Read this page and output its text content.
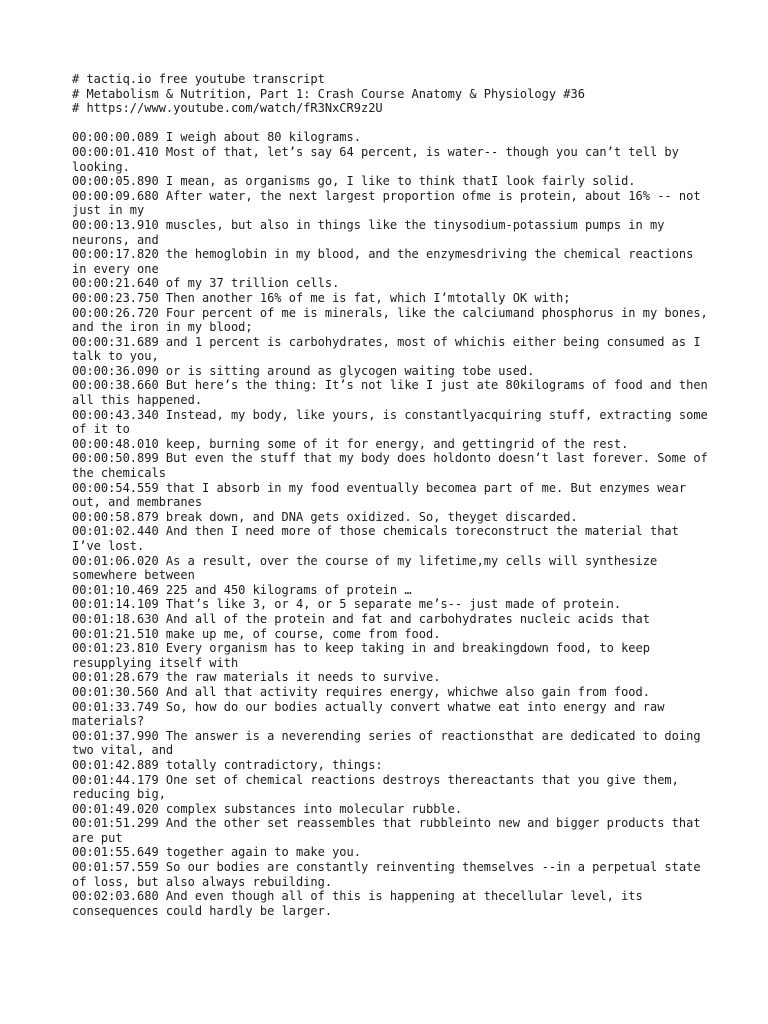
# tactiq.io free youtube transcript

# Metabolism & Nutrition, Part 1: Crash Course Anatomy & Physiology #36

# https://www.youtube.com/watch/fR3NxCR9z2U

00:00:00.089 I weigh about 80 kilograms.

00:00:01.410 Most of that, let’s say 64 percent, is water-- though you can’t tell by looking.

00:00:05.890 I mean, as organisms go, I like to think thatI look fairly solid.

00:00:09.680 After water, the next largest proportion ofme is protein, about 16% -- not just in my

00:00:13.910 muscles, but also in things like the tinysodium-potassium pumps in my neurons, and

00:00:17.820 the hemoglobin in my blood, and the enzymesdriving the chemical reactions in every one

00:00:21.640 of my 37 trillion cells.

00:00:23.750 Then another 16% of me is fat, which I’mtotally OK with;

00:00:26.720 Four percent of me is minerals, like the calciumand phosphorus in my bones, and the iron in my blood;

00:00:31.689 and 1 percent is carbohydrates, most of whichis either being consumed as I talk to you,

00:00:36.090 or is sitting around as glycogen waiting tobe used.

00:00:38.660 But here’s the thing: It’s not like I just ate 80kilograms of food and then all this happened.

00:00:43.340 Instead, my body, like yours, is constantlyacquiring stuff, extracting some of it to

00:00:48.010 keep, burning some of it for energy, and gettingrid of the rest.

00:00:50.899 But even the stuff that my body does holdonto doesn’t last forever. Some of the chemicals

00:00:54.559 that I absorb in my food eventually becomea part of me. But enzymes wear out, and membranes

00:00:58.879 break down, and DNA gets oxidized. So, theyget discarded.

00:01:02.440 And then I need more of those chemicals toreconstruct the material that I’ve lost.

00:01:06.020 As a result, over the course of my lifetime,my cells will synthesize somewhere between

00:01:10.469 225 and 450 kilograms of protein …

00:01:14.109 That’s like 3, or 4, or 5 separate me’s-- just made of protein.

00:01:18.630 And all of the protein and fat and carbohydrates nucleic acids that

00:01:21.510 make up me, of course, come from food.

00:01:23.810 Every organism has to keep taking in and breakingdown food, to keep resupplying itself with

00:01:28.679 the raw materials it needs to survive.

00:01:30.560 And all that activity requires energy, whichwe also gain from food.

00:01:33.749 So, how do our bodies actually convert whatwe eat into energy and raw materials?

00:01:37.990 The answer is a neverending series of reactionsthat are dedicated to doing two vital, and

00:01:42.889 totally contradictory, things:

00:01:44.179 One set of chemical reactions destroys thereactants that you give them, reducing big,

00:01:49.020 complex substances into molecular rubble.

00:01:51.299 And the other set reassembles that rubbleinto new and bigger products that are put

00:01:55.649 together again to make you.

00:01:57.559 So our bodies are constantly reinventing themselves --in a perpetual state of loss, but also always rebuilding.

00:02:03.680 And even though all of this is happening at thecellular level, its consequences could hardly be larger.
